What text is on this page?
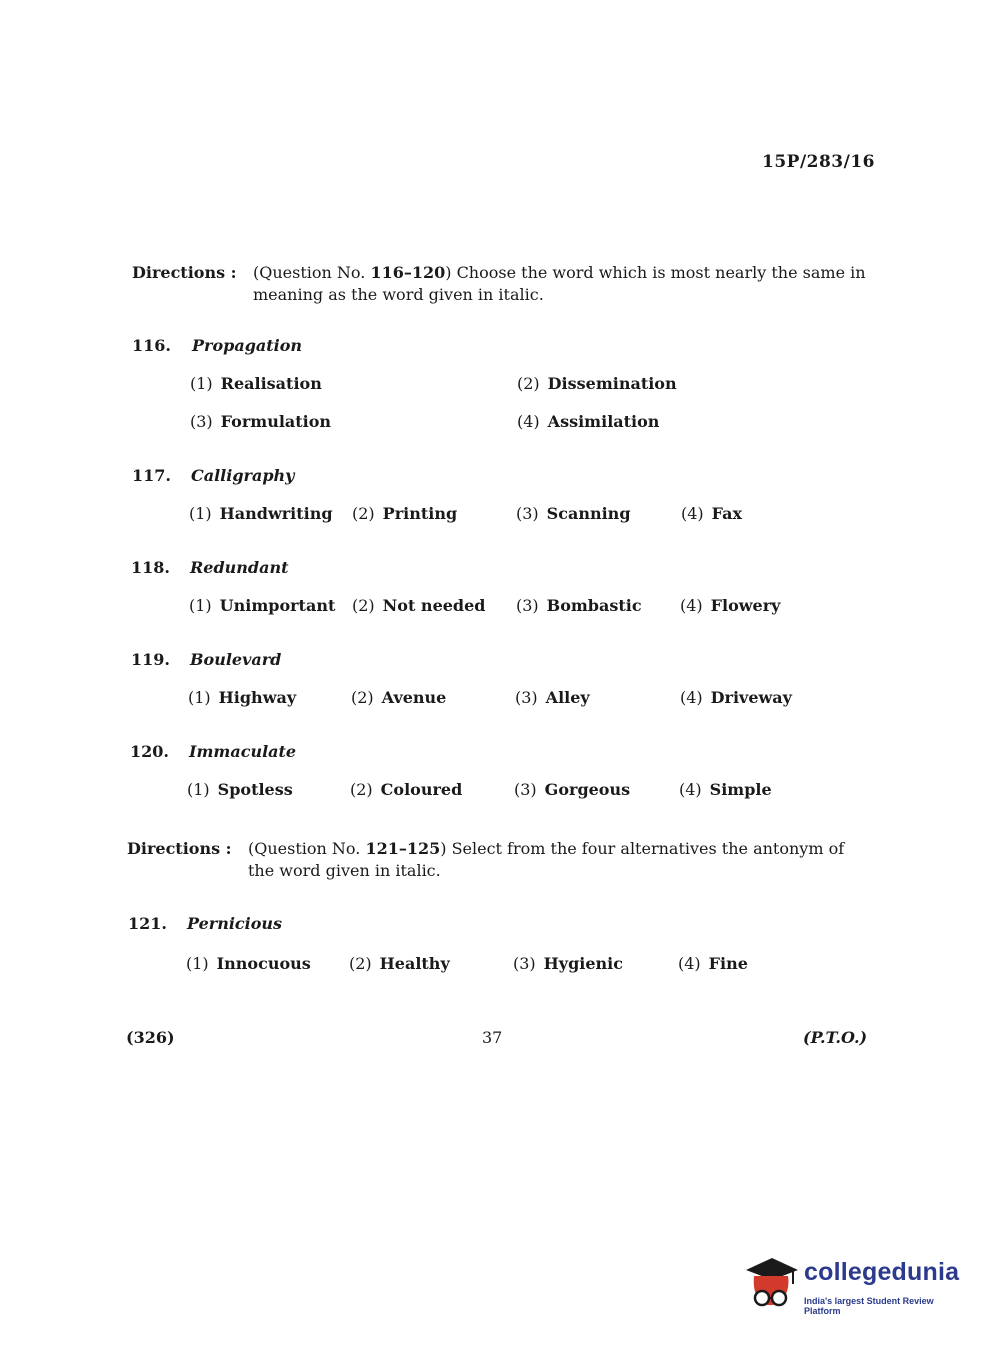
15P/283/16
Directions : (Question No. 116–120) Choose the word which is most nearly the same in meaning as the word given in italic.
116. Propagation
(1) Realisation	(2) Dissemination
(3) Formulation	(4) Assimilation
117. Calligraphy
(1) Handwriting (2) Printing	(3) Scanning	(4) Fax
118. Redundant
(1) Unimportant (2) Not needed (3) Bombastic (4) Flowery
119. Boulevard
(1) Highway	(2) Avenue	(3) Alley	(4) Driveway
120. Immaculate
(1) Spotless	(2) Coloured	(3) Gorgeous	(4) Simple
Directions : (Question No. 121–125) Select from the four alternatives the antonym of the word given in italic.
121. Pernicious
(1) Innocuous (2) Healthy	(3) Hygienic	(4) Fine
(326)	37	(P.T.O.)
collegedunia
India's largest Student Review Platform
